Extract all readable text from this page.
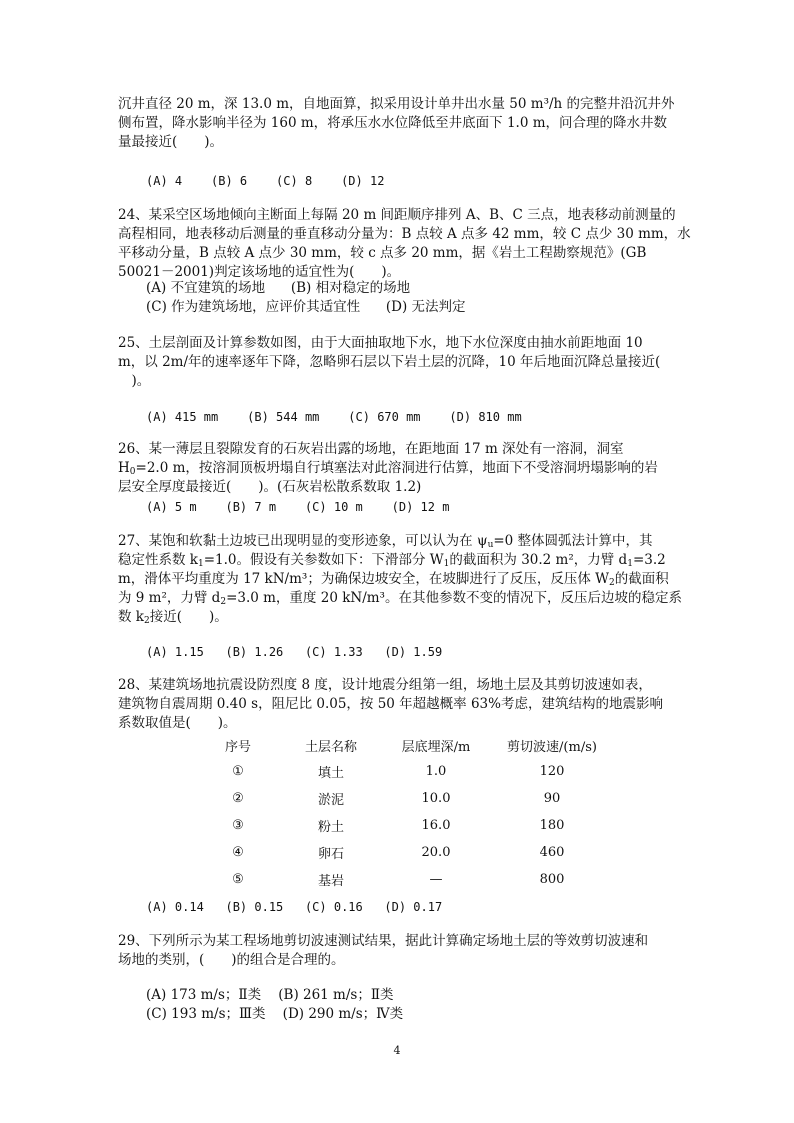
沉井直径 20 m，深 13.0 m，自地面算，拟采用设计单井出水量 50 m³/h 的完整井沿沉井外
侧布置，降水影响半径为 160 m，将承压水水位降低至井底面下 1.0 m，问合理的降水井数
量最接近(　　)。
(A) 4    (B) 6    (C) 8    (D) 12
24、某采空区场地倾向主断面上每隔 20 m 间距顺序排列 A、B、C 三点，地表移动前测量的
高程相同，地表移动后测量的垂直移动分量为：B 点较 A 点多 42 mm，较 C 点少 30 mm，水
平移动分量，B 点较 A 点少 30 mm，较 c 点多 20 mm，据《岩土工程勘察规范》(GB
50021－2001)判定该场地的适宜性为(　　)。
(A) 不宜建筑的场地      (B) 相对稳定的场地
(C) 作为建筑场地，应评价其适宜性      (D) 无法判定
25、土层剖面及计算参数如图，由于大面抽取地下水，地下水位深度由抽水前距地面 10
m，以 2m/年的速率逐年下降，忽略卵石层以下岩土层的沉降，10 年后地面沉降总量接近(
　)。
(A) 415 mm    (B) 544 mm    (C) 670 mm    (D) 810 mm
26、某一薄层且裂隙发育的石灰岩出露的场地，在距地面 17 m 深处有一溶洞，洞室
$H_0=2.0$ m，按溶洞顶板坍塌自行填塞法对此溶洞进行估算，地面下不受溶洞坍塌影响的岩
层安全厚度最接近(　　)。(石灰岩松散系数取 1.2)
(A) 5 m    (B) 7 m    (C) 10 m    (D) 12 m
27、某饱和软黏土边坡已出现明显的变形迹象，可以认为在 $\psi_u=0$ 整体圆弧法计算中，其
稳定性系数 $k_1=1.0$。假设有关参数如下：下滑部分 $W_1$的截面积为 30.2 m²，力臂 $d_1=3.2$
m，滑体平均重度为 17 kN/m³；为确保边坡安全，在坡脚进行了反压，反压体 $W_2$的截面积
为 9 m²，力臂 $d_2=3.0$ m，重度 20 kN/m³。在其他参数不变的情况下，反压后边坡的稳定系
数 $k_2$接近(　　)。
(A) 1.15   (B) 1.26   (C) 1.33   (D) 1.59
28、某建筑场地抗震设防烈度 8 度，设计地震分组第一组，场地土层及其剪切波速如表，
建筑物自震周期 0.40 s，阻尼比 0.05，按 50 年超越概率 63%考虑，建筑结构的地震影响
系数取值是(　　)。
序号	土层名称	层底埋深/m	剪切波速/(m/s)
①	填土	1.0	120
②	淤泥	10.0	90
③	粉土	16.0	180
④	卵石	20.0	460
⑤	基岩	—	800
(A) 0.14   (B) 0.15   (C) 0.16   (D) 0.17
29、下列所示为某工程场地剪切波速测试结果，据此计算确定场地土层的等效剪切波速和
场地的类别，(　　)的组合是合理的。
(A) 173 m/s；Ⅱ类    (B) 261 m/s；Ⅱ类
(C) 193 m/s；Ⅲ类    (D) 290 m/s；Ⅳ类
4
